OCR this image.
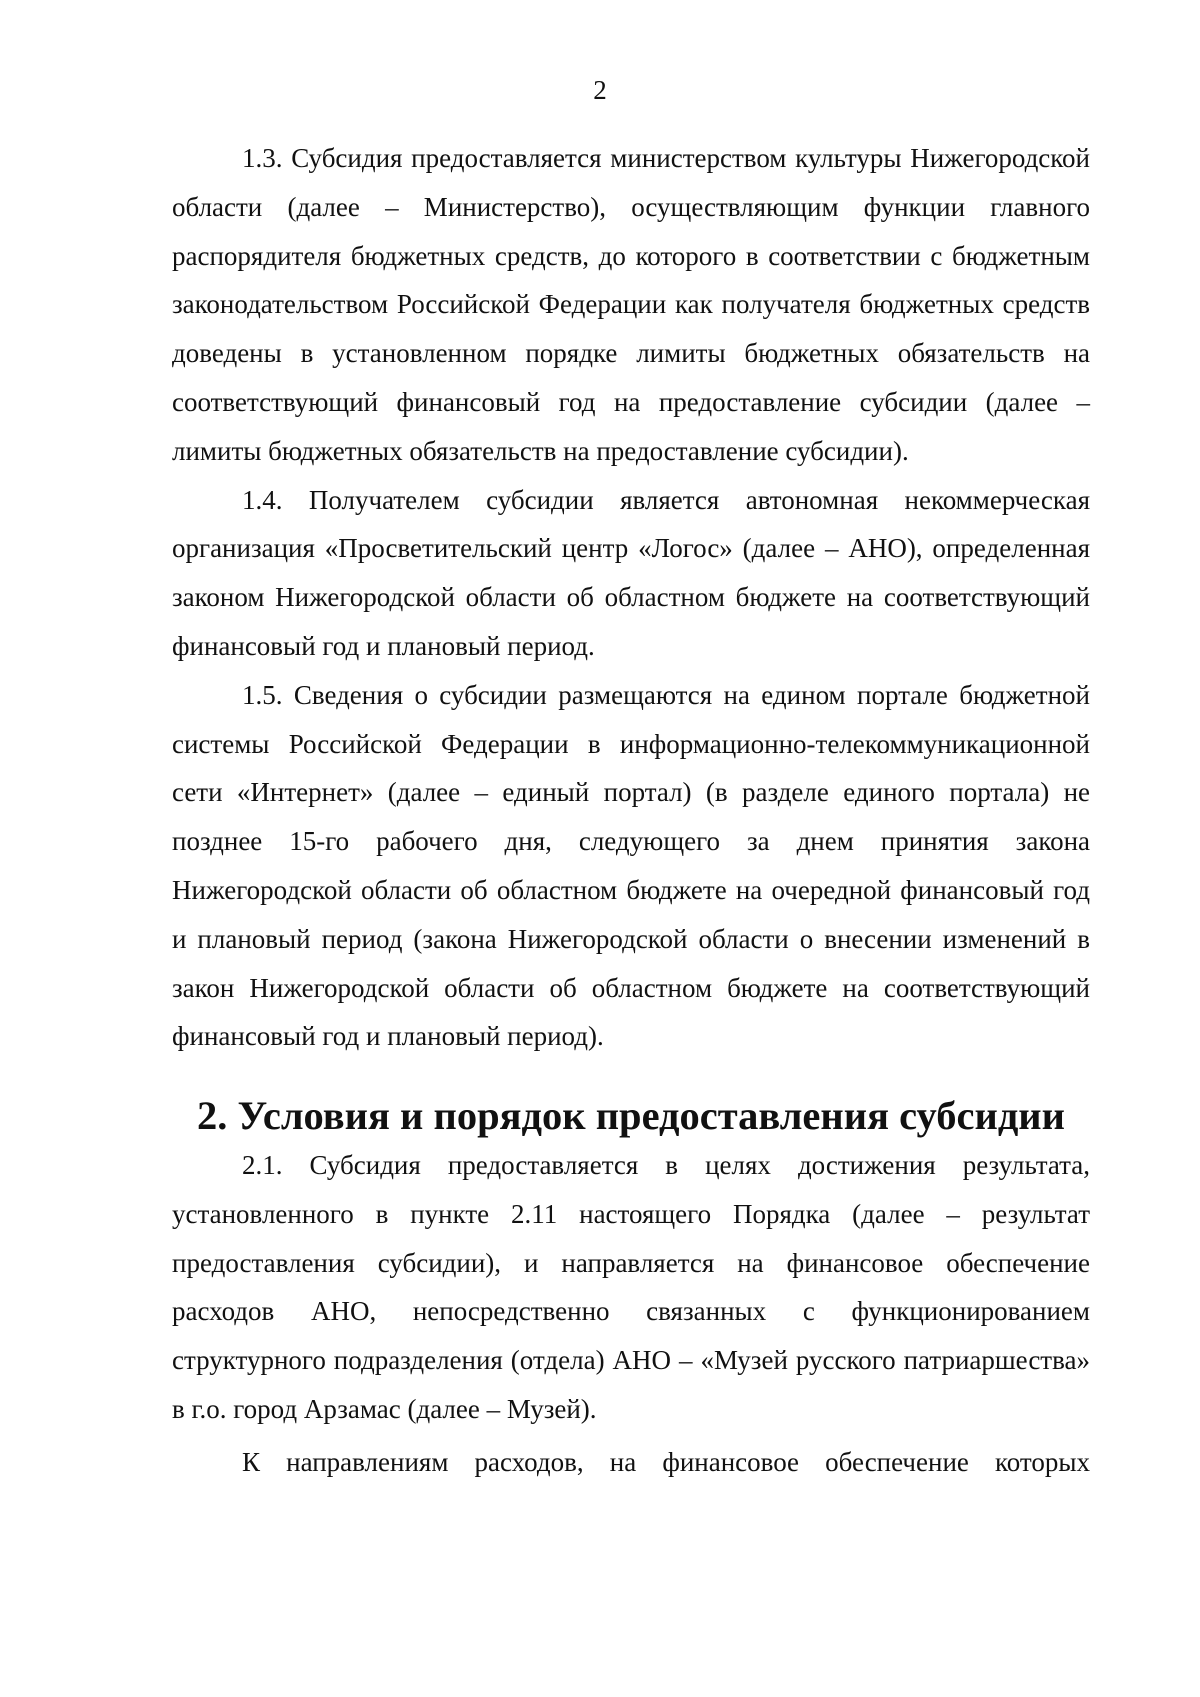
2

1.3. Субсидия предоставляется министерством культуры Нижегородской области (далее – Министерство), осуществляющим функции главного распорядителя бюджетных средств, до которого в соответствии с бюджетным законодательством Российской Федерации как получателя бюджетных средств доведены в установленном порядке лимиты бюджетных обязательств на соответствующий финансовый год на предоставление субсидии (далее – лимиты бюджетных обязательств на предоставление субсидии).

1.4. Получателем субсидии является автономная некоммерческая организация «Просветительский центр «Логос» (далее – АНО), определенная законом Нижегородской области об областном бюджете на соответствующий финансовый год и плановый период.

1.5. Сведения о субсидии размещаются на едином портале бюджетной системы Российской Федерации в информационно-телекоммуникационной сети «Интернет» (далее – единый портал) (в разделе единого портала) не позднее 15-го рабочего дня, следующего за днем принятия закона Нижегородской области об областном бюджете на очередной финансовый год и плановый период (закона Нижегородской области о внесении изменений в закон Нижегородской области об областном бюджете на соответствующий финансовый год и плановый период).

2. Условия и порядок предоставления субсидии

2.1. Субсидия предоставляется в целях достижения результата, установленного в пункте 2.11 настоящего Порядка (далее – результат предоставления субсидии), и направляется на финансовое обеспечение расходов АНО, непосредственно связанных с функционированием структурного подразделения (отдела) АНО – «Музей русского патриаршества» в г.о. город Арзамас (далее – Музей).

К направлениям расходов, на финансовое обеспечение которых
